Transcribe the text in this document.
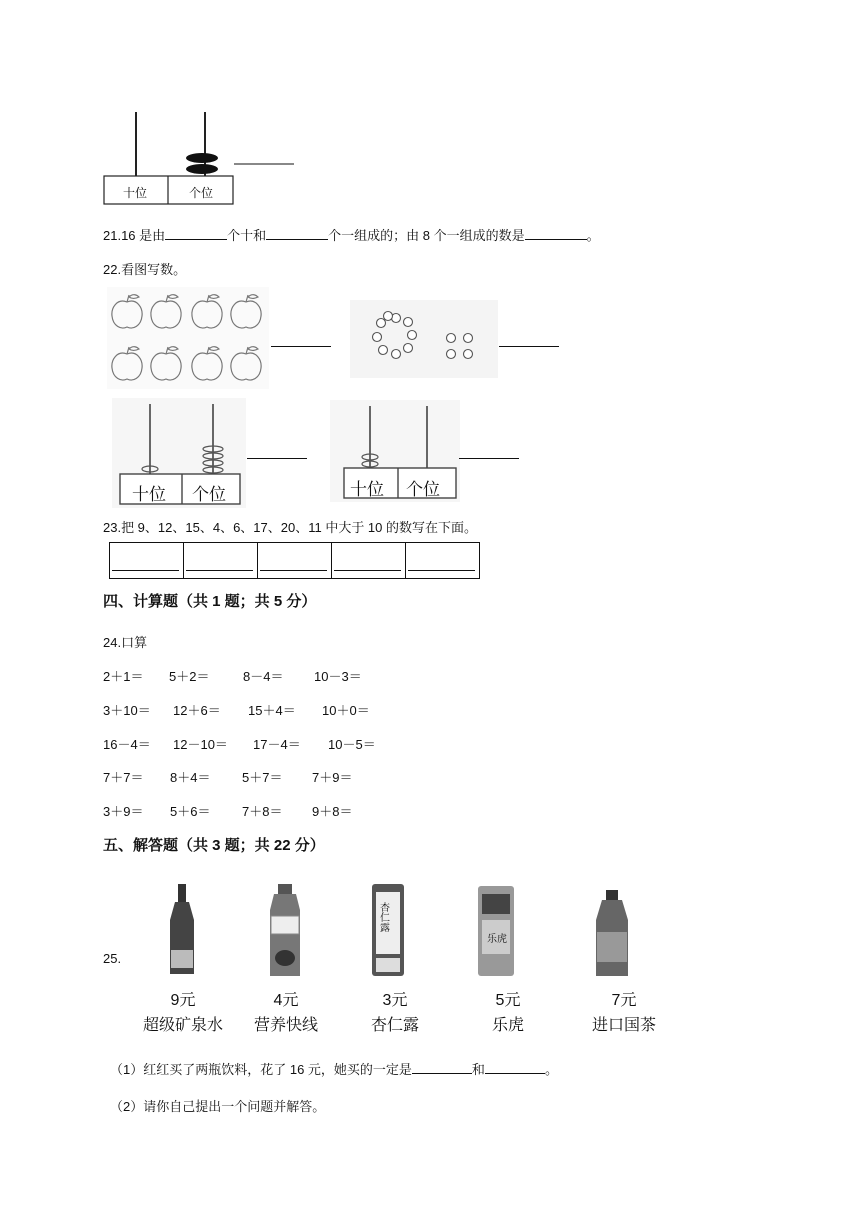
十位	个位
21.16 是由	个十和	个一组成的；由 8 个一组成的数是	。
22.看图写数。
十位 个位	十位 个位
23.把 9、12、15、4、6、17、20、11 中大于 10 的数写在下面。
四、计算题（共 1 题；共 5 分）
24.口算
2＋1＝ 5＋2＝	8－4＝ 10－3＝
3＋10＝ 12＋6＝ 15＋4＝ 10＋0＝
16－4＝ 12－10＝ 17－4＝ 10－5＝
7＋7＝ 8＋4＝ 5＋7＝ 7＋9＝
3＋9＝ 5＋6＝ 7＋8＝ 9＋8＝
五、解答题（共 3 题；共 22 分）
25.
杏仁露
乐虎
9元
超级矿泉水
4元
营养快线
3元
杏仁露
5元
乐虎
7元
进口国茶
（1）红红买了两瓶饮料，花了 16 元，她买的一定是	和	。
（2）请你自己提出一个问题并解答。
